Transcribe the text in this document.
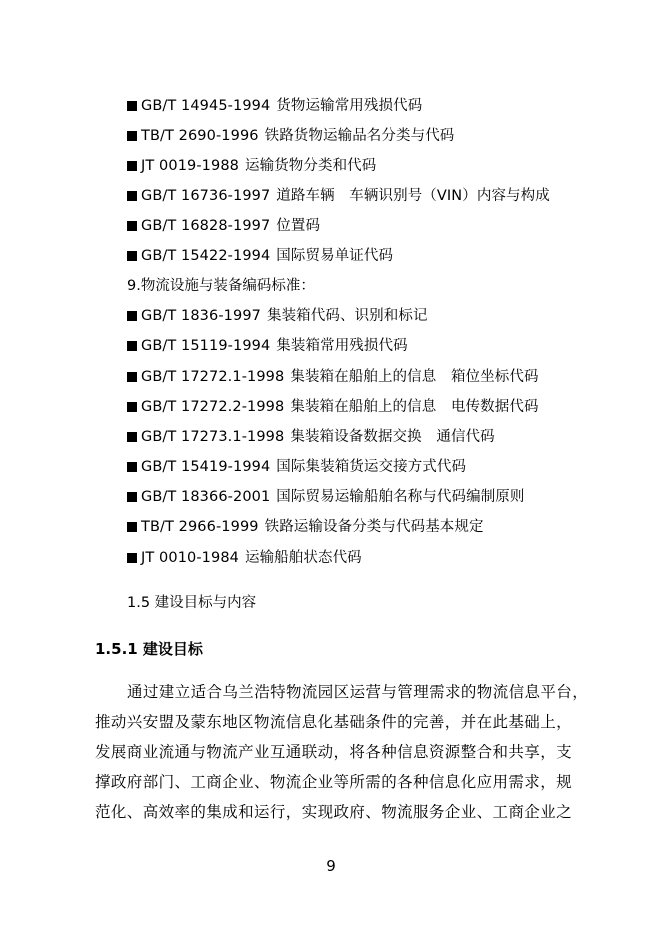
GB/T 14945-1994 货物运输常用残损代码
TB/T 2690-1996 铁路货物运输品名分类与代码
JT 0019-1988 运输货物分类和代码
GB/T 16736-1997 道路车辆　车辆识别号（VIN）内容与构成
GB/T 16828-1997 位置码
GB/T 15422-1994 国际贸易单证代码
9.物流设施与装备编码标准：
GB/T 1836-1997 集装箱代码、识别和标记
GB/T 15119-1994 集装箱常用残损代码
GB/T 17272.1-1998 集装箱在船舶上的信息　箱位坐标代码
GB/T 17272.2-1998 集装箱在船舶上的信息　电传数据代码
GB/T 17273.1-1998 集装箱设备数据交换　通信代码
GB/T 15419-1994 国际集装箱货运交接方式代码
GB/T 18366-2001 国际贸易运输船舶名称与代码编制原则
TB/T 2966-1999 铁路运输设备分类与代码基本规定
JT 0010-1984 运输船舶状态代码
1.5 建设目标与内容
1.5.1 建设目标
通过建立适合乌兰浩特物流园区运营与管理需求的物流信息平台，
推动兴安盟及蒙东地区物流信息化基础条件的完善，并在此基础上，
发展商业流通与物流产业互通联动，将各种信息资源整合和共享，支
撑政府部门、工商企业、物流企业等所需的各种信息化应用需求，规
范化、高效率的集成和运行，实现政府、物流服务企业、工商企业之
9
